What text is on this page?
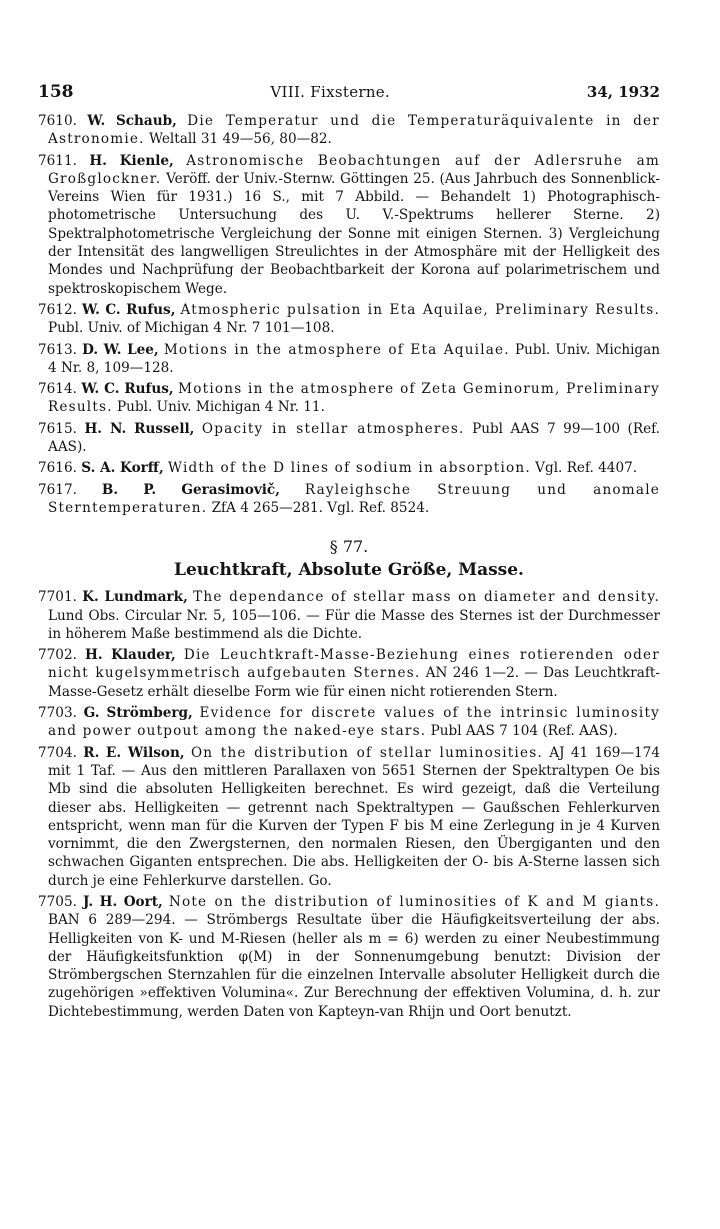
158	VIII. Fixsterne.	34, 1932

7610. W. Schaub, Die Temperatur und die Temperaturäquivalente in der Astronomie. Weltall 31 49—56, 80—82.

7611. H. Kienle, Astronomische Beobachtungen auf der Adlersruhe am Großglockner. Veröff. der Univ.-Sternw. Göttingen 25. (Aus Jahrbuch des Sonnenblick-Vereins Wien für 1931.) 16 S., mit 7 Abbild. — Behandelt 1) Photographisch-photometrische Untersuchung des U. V.-Spektrums hellerer Sterne. 2) Spektralphotometrische Vergleichung der Sonne mit einigen Sternen. 3) Vergleichung der Intensität des langwelligen Streulichtes in der Atmosphäre mit der Helligkeit des Mondes und Nachprüfung der Beobachtbarkeit der Korona auf polarimetrischem und spektroskopischem Wege.

7612. W. C. Rufus, Atmospheric pulsation in Eta Aquilae, Preliminary Results. Publ. Univ. of Michigan 4 Nr. 7 101—108.

7613. D. W. Lee, Motions in the atmosphere of Eta Aquilae. Publ. Univ. Michigan 4 Nr. 8, 109—128.

7614. W. C. Rufus, Motions in the atmosphere of Zeta Geminorum, Preliminary Results. Publ. Univ. Michigan 4 Nr. 11.

7615. H. N. Russell, Opacity in stellar atmospheres. Publ AAS 7 99—100 (Ref. AAS).

7616. S. A. Korff, Width of the D lines of sodium in absorption. Vgl. Ref. 4407.

7617. B. P. Gerasimovič, Rayleighsche Streuung und anomale Sterntemperaturen. ZfA 4 265—281. Vgl. Ref. 8524.

§ 77.
Leuchtkraft, Absolute Größe, Masse.

7701. K. Lundmark, The dependance of stellar mass on diameter and density. Lund Obs. Circular Nr. 5, 105—106. — Für die Masse des Sternes ist der Durchmesser in höherem Maße bestimmend als die Dichte.

7702. H. Klauder, Die Leuchtkraft-Masse-Beziehung eines rotierenden oder nicht kugelsymmetrisch aufgebauten Sternes. AN 246 1—2. — Das Leuchtkraft-Masse-Gesetz erhält dieselbe Form wie für einen nicht rotierenden Stern.

7703. G. Strömberg, Evidence for discrete values of the intrinsic luminosity and power outpout among the naked-eye stars. Publ AAS 7 104 (Ref. AAS).

7704. R. E. Wilson, On the distribution of stellar luminosities. AJ 41 169—174 mit 1 Taf. — Aus den mittleren Parallaxen von 5651 Sternen der Spektraltypen Oe bis Mb sind die absoluten Helligkeiten berechnet. Es wird gezeigt, daß die Verteilung dieser abs. Helligkeiten — getrennt nach Spektraltypen — Gaußschen Fehlerkurven entspricht, wenn man für die Kurven der Typen F bis M eine Zerlegung in je 4 Kurven vornimmt, die den Zwergsternen, den normalen Riesen, den Übergiganten und den schwachen Giganten entsprechen. Die abs. Helligkeiten der O- bis A-Sterne lassen sich durch je eine Fehlerkurve darstellen. Go.

7705. J. H. Oort, Note on the distribution of luminosities of K and M giants. BAN 6 289—294. — Strömbergs Resultate über die Häufigkeitsverteilung der abs. Helligkeiten von K- und M-Riesen (heller als m = 6) werden zu einer Neubestimmung der Häufigkeitsfunktion φ(M) in der Sonnenumgebung benutzt: Division der Strömbergschen Sternzahlen für die einzelnen Intervalle absoluter Helligkeit durch die zugehörigen »effektiven Volumina«. Zur Berechnung der effektiven Volumina, d. h. zur Dichtebestimmung, werden Daten von Kapteyn-van Rhijn und Oort benutzt.
